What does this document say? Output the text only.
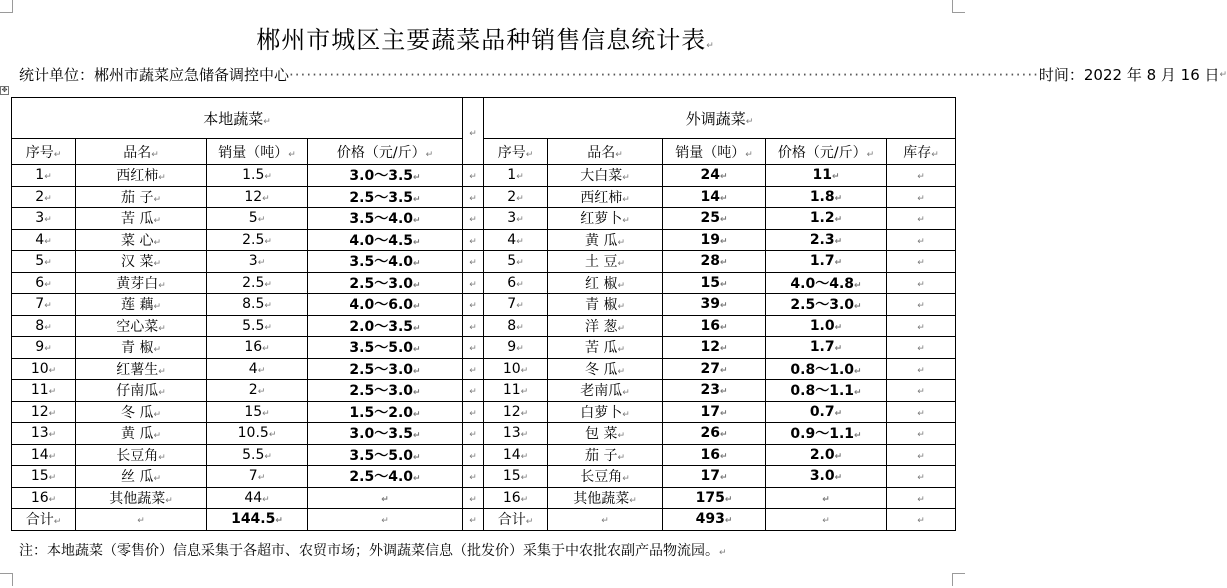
✥
郴州市城区主要蔬菜品种销售信息统计表↵
统计单位：郴州市蔬菜应急储备调控中心 ·································································································································· 时间：2022 年 8 月 16 日 ↵
本地蔬菜↵				↵	外调蔬菜↵				
序号↵	品名↵	销量（吨）↵	价格（元/斤）↵		序号↵	品名↵	销量（吨）↵	价格（元/斤）↵	库存↵
1↵	西红柿↵	1.5↵	3.0～3.5↵	↵	1↵	大白菜↵	24↵	11↵	↵
2↵	茄 子↵	12↵	2.5～3.5↵	↵	2↵	西红柿↵	14↵	1.8↵	↵
3↵	苦 瓜↵	5↵	3.5～4.0↵	↵	3↵	红萝卜↵	25↵	1.2↵	↵
4↵	菜 心↵	2.5↵	4.0～4.5↵	↵	4↵	黄 瓜↵	19↵	2.3↵	↵
5↵	汉 菜↵	3↵	3.5～4.0↵	↵	5↵	土 豆↵	28↵	1.7↵	↵
6↵	黄芽白↵	2.5↵	2.5～3.0↵	↵	6↵	红 椒↵	15↵	4.0～4.8↵	↵
7↵	莲 藕↵	8.5↵	4.0～6.0↵	↵	7↵	青 椒↵	39↵	2.5～3.0↵	↵
8↵	空心菜↵	5.5↵	2.0～3.5↵	↵	8↵	洋 葱↵	16↵	1.0↵	↵
9↵	青 椒↵	16↵	3.5～5.0↵	↵	9↵	苦 瓜↵	12↵	1.7↵	↵
10↵	红薯生↵	4↵	2.5～3.0↵	↵	10↵	冬 瓜↵	27↵	0.8～1.0↵	↵
11↵	仔南瓜↵	2↵	2.5～3.0↵	↵	11↵	老南瓜↵	23↵	0.8～1.1↵	↵
12↵	冬 瓜↵	15↵	1.5～2.0↵	↵	12↵	白萝卜↵	17↵	0.7↵	↵
13↵	黄 瓜↵	10.5↵	3.0～3.5↵	↵	13↵	包 菜↵	26↵	0.9～1.1↵	↵
14↵	长豆角↵	5.5↵	3.5～5.0↵	↵	14↵	茄 子↵	16↵	2.0↵	↵
15↵	丝 瓜↵	7↵	2.5～4.0↵	↵	15↵	长豆角↵	17↵	3.0↵	↵
16↵	其他蔬菜↵	44↵	↵	↵	16↵	其他蔬菜↵	175↵	↵	↵
合计↵	↵	144.5↵	↵	↵	合计↵	↵	493↵	↵	↵
注：本地蔬菜（零售价）信息采集于各超市、农贸市场；外调蔬菜信息（批发价）采集于中农批农副产品物流园。↵
